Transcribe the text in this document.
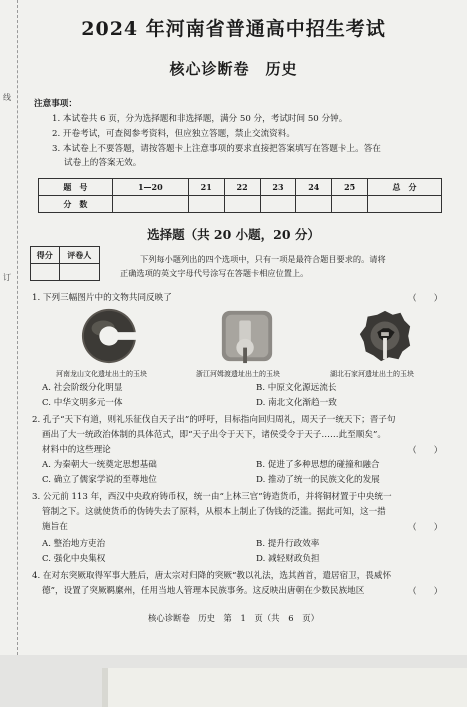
线
订
2024 年河南省普通高中招生考试
核心诊断卷　历史
注意事项：
1. 本试卷共 6 页，分为选择题和非选择题，满分 50 分，考试时间 50 分钟。
2. 开卷考试，可查阅参考资料，但应独立答题，禁止交流资料。
3. 本试卷上不要答题，请按答题卡上注意事项的要求直接把答案填写在答题卡上。答在
试卷上的答案无效。
题　号	1—20	21	22	23	24	25	总　分
分　数							
选择题（共 20 小题，20 分）
得分	评卷人
		下列每小题列出的四个选项中，只有一项是最符合题目要求的。请将
正确选项的英文字母代号涂写在答题卡相应位置上。
1. 下列三幅图片中的文物共同反映了	（　　）
河南龙山文化遗址出土的玉块	浙江河姆渡遗址出土的玉块	湖北石家河遗址出土的玉块
A. 社会阶级分化明显	B. 中原文化源远流长
C. 中华文明多元一体	D. 南北文化渐趋一致
2. 孔子“天下有道，则礼乐征伐自天子出”的呼吁，目标指向回归周礼，周天子一统天下；晋子句
画出了大一统政治体制的具体范式，即“天子出令于天下，诸侯受令于天子……此至顺矣”。
材料中的这些理论	（　　）
A. 为秦朝大一统奠定思想基础	B. 促进了多种思想的碰撞和融合
C. 确立了儒家学说的至尊地位	D. 推动了统一的民族文化的发展
3. 公元前 113 年，西汉中央政府铸币权，统一由“上林三官”铸造货币，并将铜材置于中央统一
管制之下。这就使货币的伪铸失去了原料，从根本上制止了伪钱的泛滥。据此可知，这一措
施旨在	（　　）
A. 整治地方吏治	B. 提升行政效率
C. 强化中央集权	D. 减轻财政负担
4. 在对东突厥取得军事大胜后，唐太宗对归降的突厥“教以礼法，选其酋首，遣居宿卫，畏威怀
德”，设置了突厥羁縻州，任用当地人管理本民族事务。这反映出唐朝在少数民族地区	（　　）
核心诊断卷　历史　第 1 页（共 6 页）
